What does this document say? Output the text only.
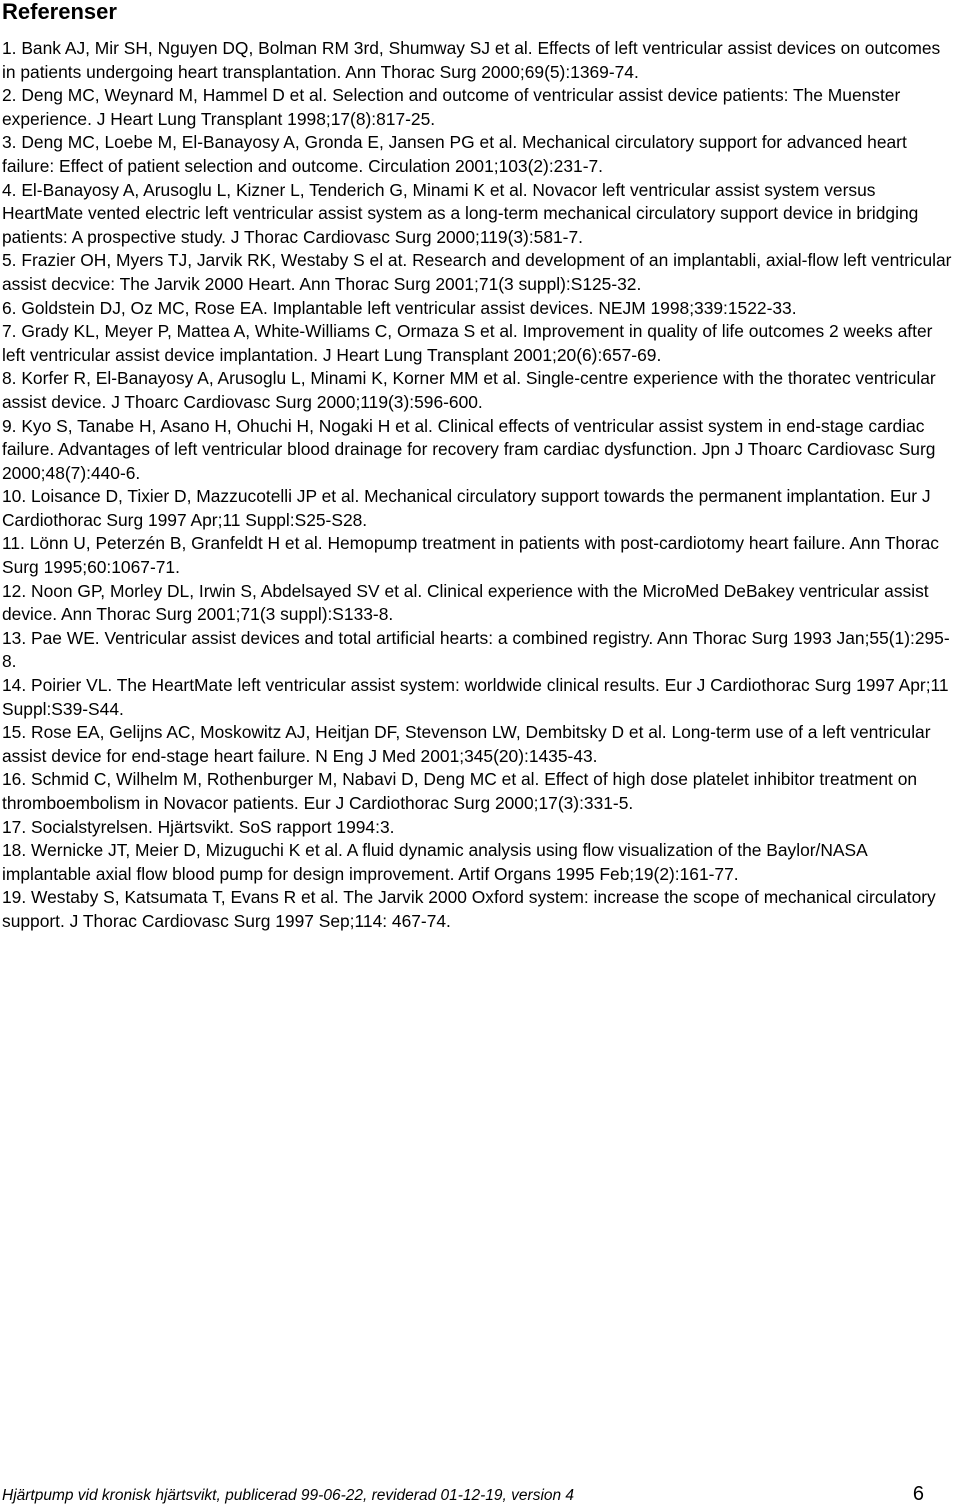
Referenser

1. Bank AJ, Mir SH, Nguyen DQ, Bolman RM 3rd, Shumway SJ et al. Effects of left ventricular assist devices on outcomes in patients undergoing heart transplantation. Ann Thorac Surg 2000;69(5):1369-74.

2. Deng MC, Weynard M, Hammel D et al. Selection and outcome of ventricular assist device patients: The Muenster experience. J Heart Lung Transplant 1998;17(8):817-25.

3. Deng MC, Loebe M, El-Banayosy A, Gronda E, Jansen PG et al. Mechanical circulatory support for advanced heart failure: Effect of patient selection and outcome. Circulation 2001;103(2):231-7.

4. El-Banayosy A, Arusoglu L, Kizner L, Tenderich G, Minami K et al. Novacor left ventricular assist system versus HeartMate vented electric left ventricular assist system as a long-term mechanical circulatory support device in bridging patients: A prospective study. J Thorac Cardiovasc Surg 2000;119(3):581-7.

5. Frazier OH, Myers TJ, Jarvik RK, Westaby S el at. Research and development of an implantabli, axial-flow left ventricular assist decvice: The Jarvik 2000 Heart. Ann Thorac Surg 2001;71(3 suppl):S125-32.

6. Goldstein DJ, Oz MC, Rose EA. Implantable left ventricular assist devices. NEJM 1998;339:1522-33.

7. Grady KL, Meyer P, Mattea A, White-Williams C, Ormaza S et al. Improvement in quality of life outcomes 2 weeks after left ventricular assist device implantation. J Heart Lung Transplant 2001;20(6):657-69.

8. Korfer R, El-Banayosy A, Arusoglu L, Minami K, Korner MM et al. Single-centre experience with the thoratec ventricular assist device. J Thoarc Cardiovasc Surg 2000;119(3):596-600.

9. Kyo S, Tanabe H, Asano H, Ohuchi H, Nogaki H et al. Clinical effects of ventricular assist system in end-stage cardiac failure. Advantages of left ventricular blood drainage for recovery fram cardiac dysfunction. Jpn J Thoarc Cardiovasc Surg 2000;48(7):440-6.

10. Loisance D, Tixier D, Mazzucotelli JP et al. Mechanical circulatory support towards the permanent implantation. Eur J Cardiothorac Surg 1997 Apr;11 Suppl:S25-S28.

11. Lönn U, Peterzén B, Granfeldt H et al. Hemopump treatment in patients with post-cardiotomy heart failure. Ann Thorac Surg 1995;60:1067-71.

12. Noon GP, Morley DL, Irwin S, Abdelsayed SV et al. Clinical experience with the MicroMed DeBakey ventricular assist device. Ann Thorac Surg 2001;71(3 suppl):S133-8.

13. Pae WE. Ventricular assist devices and total artificial hearts: a combined registry. Ann Thorac Surg 1993 Jan;55(1):295-8.

14. Poirier VL. The HeartMate left ventricular assist system: worldwide clinical results. Eur J Cardiothorac Surg 1997 Apr;11 Suppl:S39-S44.

15. Rose EA, Gelijns AC, Moskowitz AJ, Heitjan DF, Stevenson LW, Dembitsky D et al. Long-term use of a left ventricular assist device for end-stage heart failure. N Eng J Med 2001;345(20):1435-43.

16. Schmid C, Wilhelm M, Rothenburger M, Nabavi D, Deng MC et al. Effect of high dose platelet inhibitor treatment on thromboembolism in Novacor patients. Eur J Cardiothorac Surg 2000;17(3):331-5.

17. Socialstyrelsen. Hjärtsvikt. SoS rapport 1994:3.

18. Wernicke JT, Meier D, Mizuguchi K et al. A fluid dynamic analysis using flow visualization of the Baylor/NASA implantable axial flow blood pump for design improvement. Artif Organs 1995 Feb;19(2):161-77.

19. Westaby S, Katsumata T, Evans R et al. The Jarvik 2000 Oxford system: increase the scope of mechanical circulatory support. J Thorac Cardiovasc Surg 1997 Sep;114: 467-74.

Hjärtpump vid kronisk hjärtsvikt, publicerad 99-06-22, reviderad 01-12-19, version 4	6
